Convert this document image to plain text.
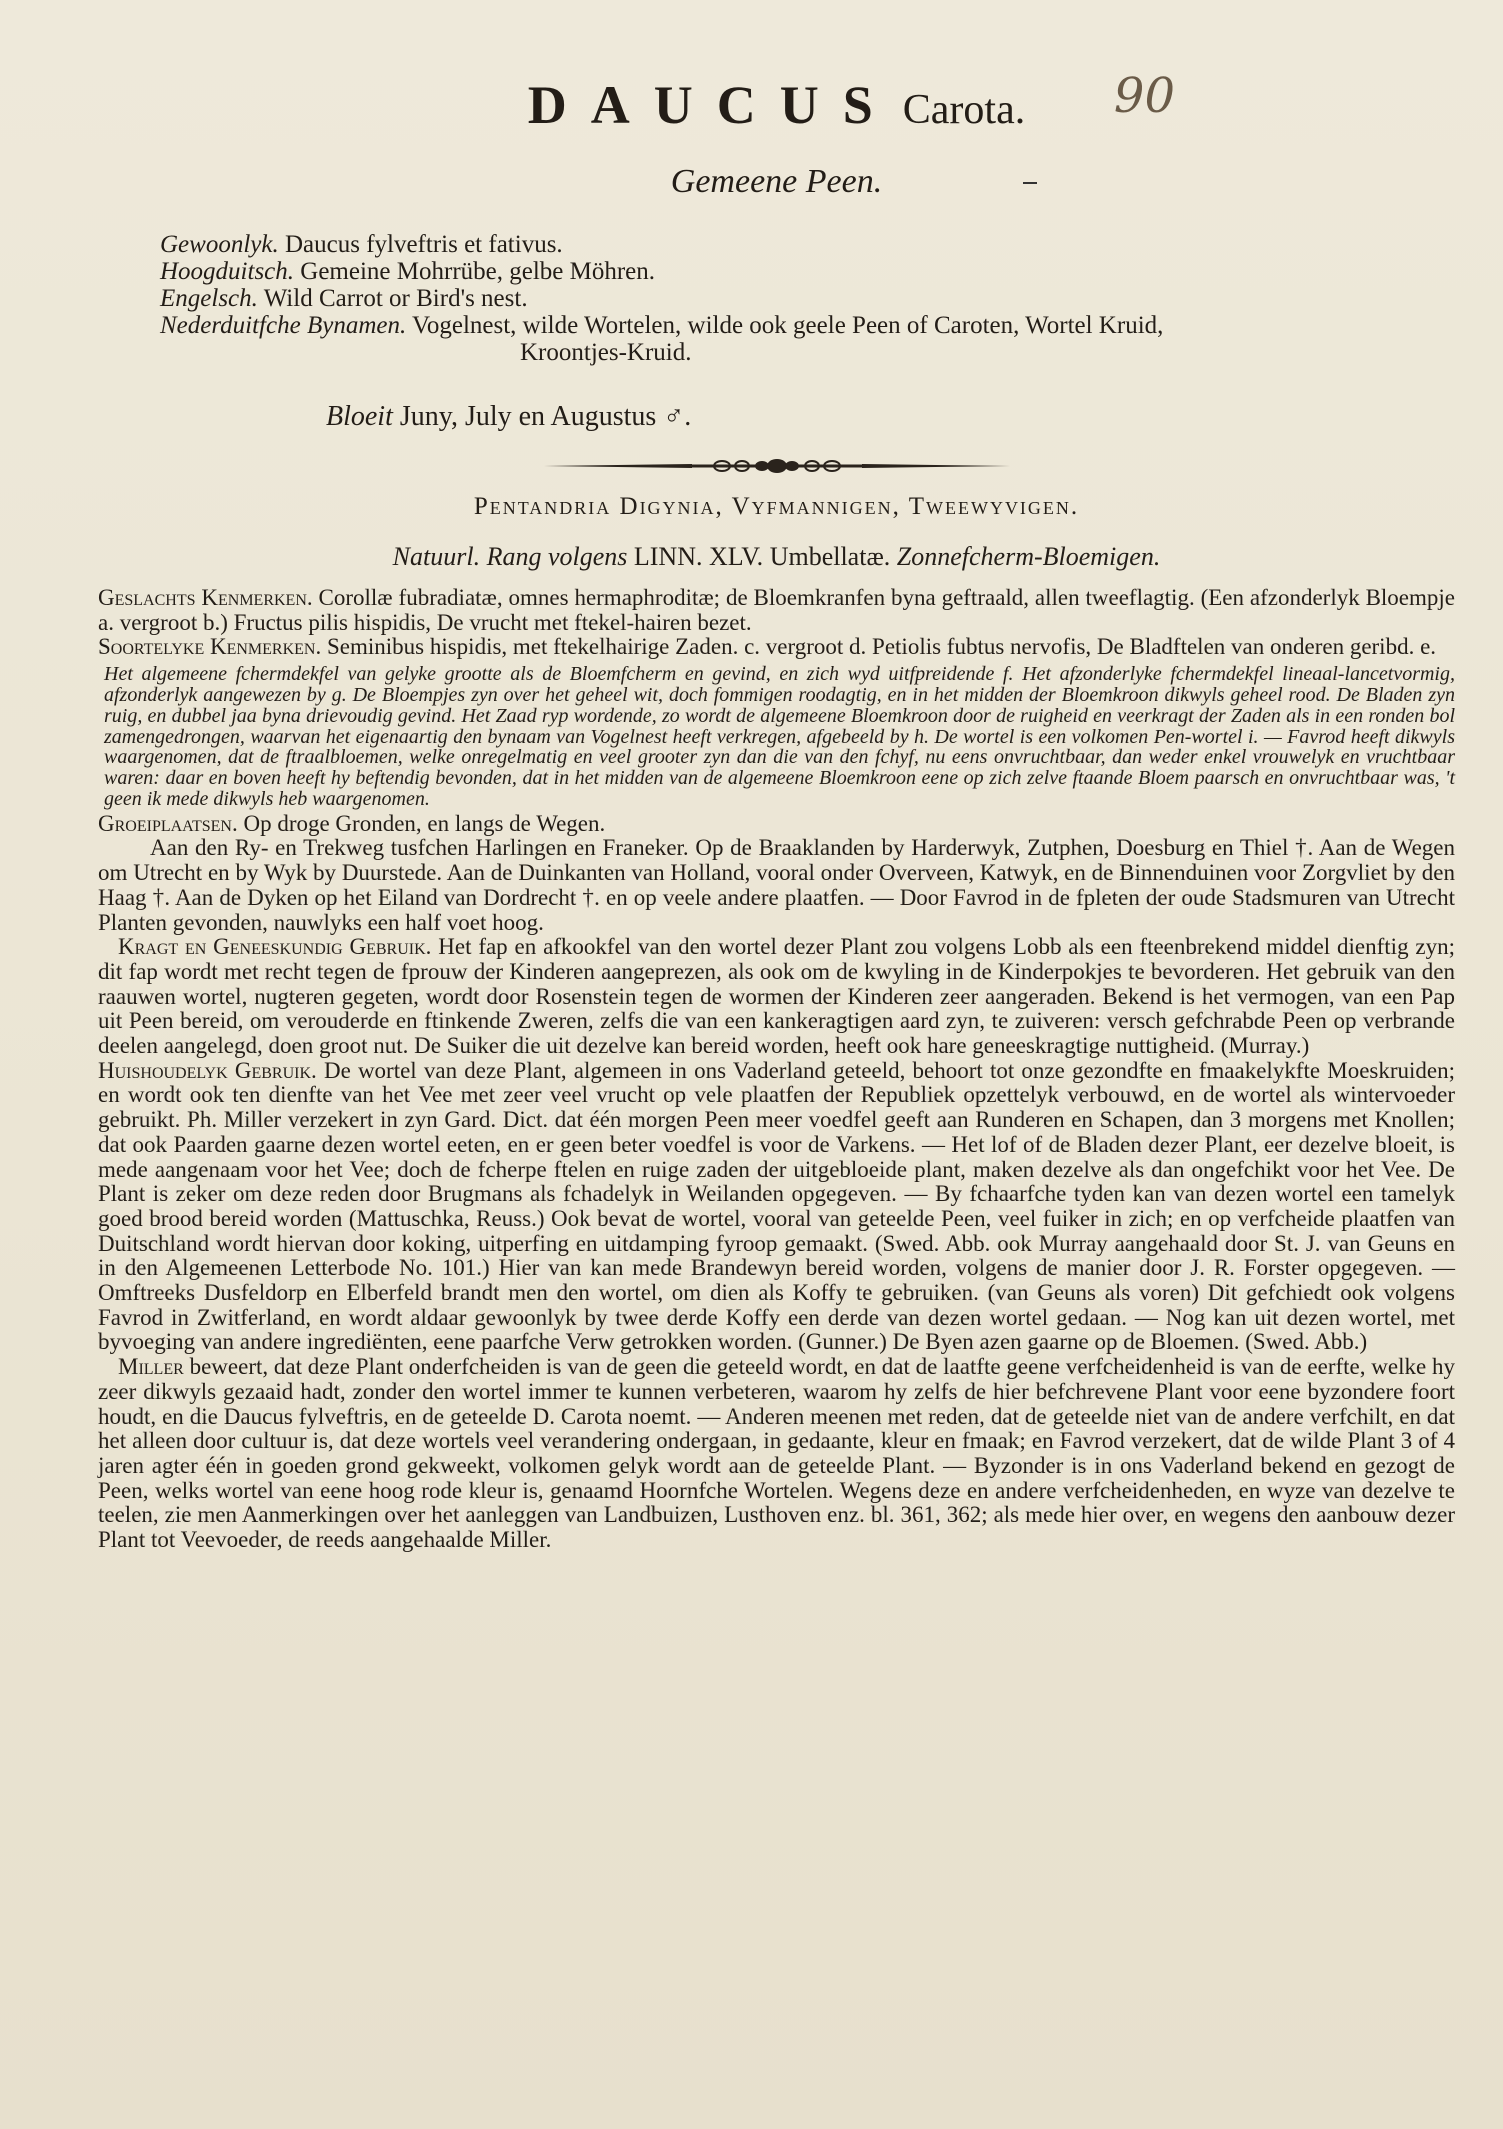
DAUCUS Carota.	90
Gemeene Peen.
Gewoonlyk. Daucus fylveftris et fativus.
Hoogduitsch. Gemeine Mohrrübe, gelbe Möhren.
Engelsch. Wild Carrot or Bird's nest.
Nederduitfche Bynamen. Vogelnest, wilde Wortelen, wilde ook geele Peen of Caroten, Wortel Kruid,
Kroontjes-Kruid.
Bloeit Juny, July en Augustus ♂.
Pentandria Digynia, Vyfmannigen, Tweewyvigen.
Natuurl. Rang volgens LINN. XLV. Umbellatæ. Zonnefcherm-Bloemigen.

Geslachts Kenmerken. Corollæ fubradiatæ, omnes hermaphroditæ; de Bloemkranfen byna geftraald, allen tweeflagtig. (Een afzonderlyk Bloempje a. vergroot b.) Fructus pilis hispidis, De vrucht met ftekel-hairen bezet.

Soortelyke Kenmerken. Seminibus hispidis, met ftekelhairige Zaden. c. vergroot d. Petiolis fubtus nervofis, De Bladftelen van onderen geribd. e.

Het algemeene fchermdekfel van gelyke grootte als de Bloemfcherm en gevind, en zich wyd uitfpreidende f. Het afzonderlyke fchermdekfel lineaal-lancetvormig, afzonderlyk aangewezen by g. De Bloempjes zyn over het geheel wit, doch fommigen roodagtig, en in het midden der Bloemkroon dikwyls geheel rood. De Bladen zyn ruig, en dubbel jaa byna drievoudig gevind. Het Zaad ryp wordende, zo wordt de algemeene Bloemkroon door de ruigheid en veerkragt der Zaden als in een ronden bol zamengedrongen, waarvan het eigenaartig den bynaam van Vogelnest heeft verkregen, afgebeeld by h. De wortel is een volkomen Pen-wortel i. — Favrod heeft dikwyls waargenomen, dat de ftraalbloemen, welke onregelmatig en veel grooter zyn dan die van den fchyf, nu eens onvruchtbaar, dan weder enkel vrouwelyk en vruchtbaar waren: daar en boven heeft hy beftendig bevonden, dat in het midden van de algemeene Bloemkroon eene op zich zelve ftaande Bloem paarsch en onvruchtbaar was, 't geen ik mede dikwyls heb waargenomen.

Groeiplaatsen. Op droge Gronden, en langs de Wegen.

Aan den Ry- en Trekweg tusfchen Harlingen en Franeker. Op de Braaklanden by Harderwyk, Zutphen, Doesburg en Thiel †. Aan de Wegen om Utrecht en by Wyk by Duurstede. Aan de Duinkanten van Holland, vooral onder Overveen, Katwyk, en de Binnenduinen voor Zorgvliet by den Haag †. Aan de Dyken op het Eiland van Dordrecht †. en op veele andere plaatfen. — Door Favrod in de fpleten der oude Stadsmuren van Utrecht Planten gevonden, nauwlyks een half voet hoog.

Kragt en Geneeskundig Gebruik. Het fap en afkookfel van den wortel dezer Plant zou volgens Lobb als een fteenbrekend middel dienftig zyn; dit fap wordt met recht tegen de fprouw der Kinderen aangeprezen, als ook om de kwyling in de Kinderpokjes te bevorderen. Het gebruik van den raauwen wortel, nugteren gegeten, wordt door Rosenstein tegen de wormen der Kinderen zeer aangeraden. Bekend is het vermogen, van een Pap uit Peen bereid, om verouderde en ftinkende Zweren, zelfs die van een kankeragtigen aard zyn, te zuiveren: versch gefchrabde Peen op verbrande deelen aangelegd, doen groot nut. De Suiker die uit dezelve kan bereid worden, heeft ook hare geneeskragtige nuttigheid. (Murray.)

Huishoudelyk Gebruik. De wortel van deze Plant, algemeen in ons Vaderland geteeld, behoort tot onze gezondfte en fmaakelykfte Moeskruiden; en wordt ook ten dienfte van het Vee met zeer veel vrucht op vele plaatfen der Republiek opzettelyk verbouwd, en de wortel als wintervoeder gebruikt. Ph. Miller verzekert in zyn Gard. Dict. dat één morgen Peen meer voedfel geeft aan Runderen en Schapen, dan 3 morgens met Knollen; dat ook Paarden gaarne dezen wortel eeten, en er geen beter voedfel is voor de Varkens. — Het lof of de Bladen dezer Plant, eer dezelve bloeit, is mede aangenaam voor het Vee; doch de fcherpe ftelen en ruige zaden der uitgebloeide plant, maken dezelve als dan ongefchikt voor het Vee. De Plant is zeker om deze reden door Brugmans als fchadelyk in Weilanden opgegeven. — By fchaarfche tyden kan van dezen wortel een tamelyk goed brood bereid worden (Mattuschka, Reuss.) Ook bevat de wortel, vooral van geteelde Peen, veel fuiker in zich; en op verfcheide plaatfen van Duitschland wordt hiervan door koking, uitperfing en uitdamping fyroop gemaakt. (Swed. Abb. ook Murray aangehaald door St. J. van Geuns en in den Algemeenen Letterbode No. 101.) Hier van kan mede Brandewyn bereid worden, volgens de manier door J. R. Forster opgegeven. — Omftreeks Dusfeldorp en Elberfeld brandt men den wortel, om dien als Koffy te gebruiken. (van Geuns als voren) Dit gefchiedt ook volgens Favrod in Zwitferland, en wordt aldaar gewoonlyk by twee derde Koffy een derde van dezen wortel gedaan. — Nog kan uit dezen wortel, met byvoeging van andere ingrediënten, eene paarfche Verw getrokken worden. (Gunner.) De Byen azen gaarne op de Bloemen. (Swed. Abb.)

Miller beweert, dat deze Plant onderfcheiden is van de geen die geteeld wordt, en dat de laatfte geene verfcheidenheid is van de eerfte, welke hy zeer dikwyls gezaaid hadt, zonder den wortel immer te kunnen verbeteren, waarom hy zelfs de hier befchrevene Plant voor eene byzondere foort houdt, en die Daucus fylveftris, en de geteelde D. Carota noemt. — Anderen meenen met reden, dat de geteelde niet van de andere verfchilt, en dat het alleen door cultuur is, dat deze wortels veel verandering ondergaan, in gedaante, kleur en fmaak; en Favrod verzekert, dat de wilde Plant 3 of 4 jaren agter één in goeden grond gekweekt, volkomen gelyk wordt aan de geteelde Plant. — Byzonder is in ons Vaderland bekend en gezogt de Peen, welks wortel van eene hoog rode kleur is, genaamd Hoornfche Wortelen. Wegens deze en andere verfcheidenheden, en wyze van dezelve te teelen, zie men Aanmerkingen over het aanleggen van Landbuizen, Lusthoven enz. bl. 361, 362; als mede hier over, en wegens den aanbouw dezer Plant tot Veevoeder, de reeds aangehaalde Miller.
